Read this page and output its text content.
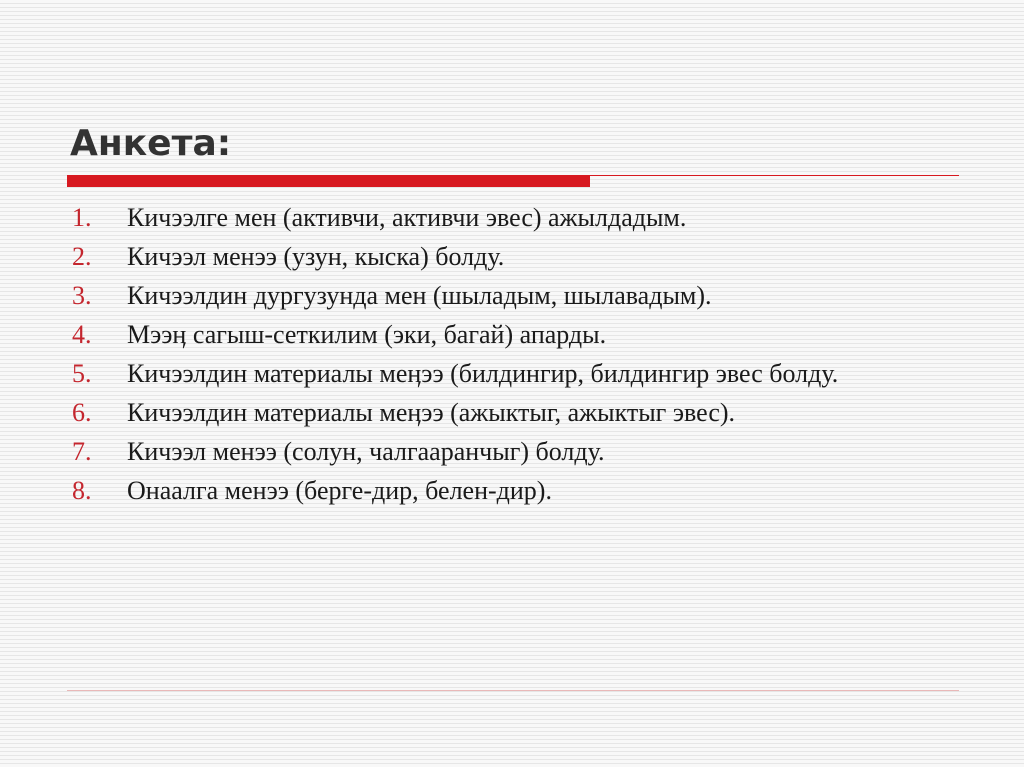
Анкета:
1. Кичээлге мен (активчи, активчи эвес) ажылдадым.
2. Кичээл менээ (узун, кыска) болду.
3. Кичээлдин дургузунда мен (шыладым, шылавадым).
4. Мээӊ сагыш-сеткилим (эки, багай) апарды.
5. Кичээлдин материалы меӊээ (билдингир, билдингир эвес болду.
6. Кичээлдин материалы меӊээ (ажыктыг, ажыктыг эвес).
7. Кичээл менээ (солун, чалгааранчыг) болду.
8. Онаалга менээ (берге-дир, белен-дир).
